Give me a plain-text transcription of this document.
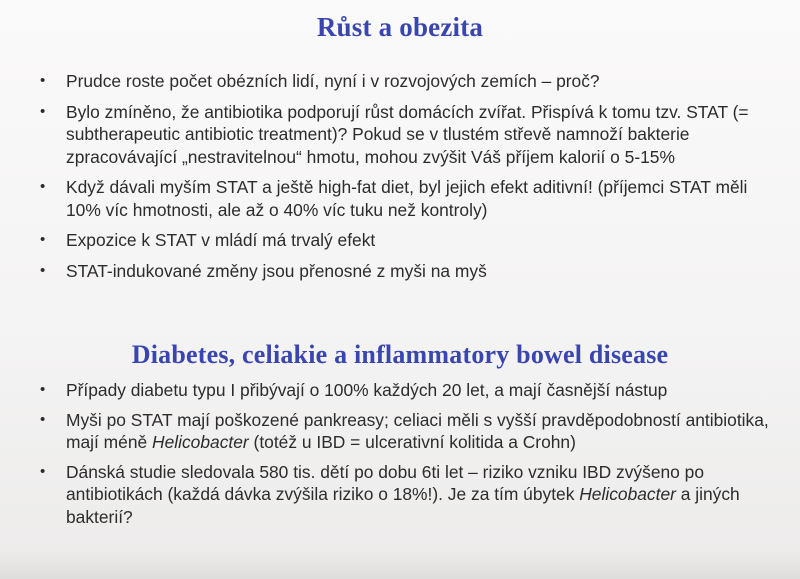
Růst a obezita
• Prudce roste počet obézních lidí, nyní i v rozvojových zemích – proč?
• Bylo zmíněno, že antibiotika podporují růst domácích zvířat. Přispívá k tomu tzv. STAT (= subtherapeutic antibiotic treatment)? Pokud se v tlustém střevě namnoží bakterie zpracovávající „nestravitelnou“ hmotu, mohou zvýšit Váš příjem kalorií o 5-15%
• Když dávali myším STAT a ještě high-fat diet, byl jejich efekt aditivní! (příjemci STAT měli 10% víc hmotnosti, ale až o 40% víc tuku než kontroly)
• Expozice k STAT v mládí má trvalý efekt
• STAT-indukované změny jsou přenosné z myši na myš
Diabetes, celiakie a inflammatory bowel disease
• Případy diabetu typu I přibývají o 100% každých 20 let, a mají časnější nástup
• Myši po STAT mají poškozené pankreasy; celiaci měli s vyšší pravděpodobností antibiotika, mají méně Helicobacter (totéž u IBD = ulcerativní kolitida a Crohn)
• Dánská studie sledovala 580 tis. dětí po dobu 6ti let – riziko vzniku IBD zvýšeno po antibiotikách (každá dávka zvýšila riziko o 18%!). Je za tím úbytek Helicobacter a jiných bakterií?
